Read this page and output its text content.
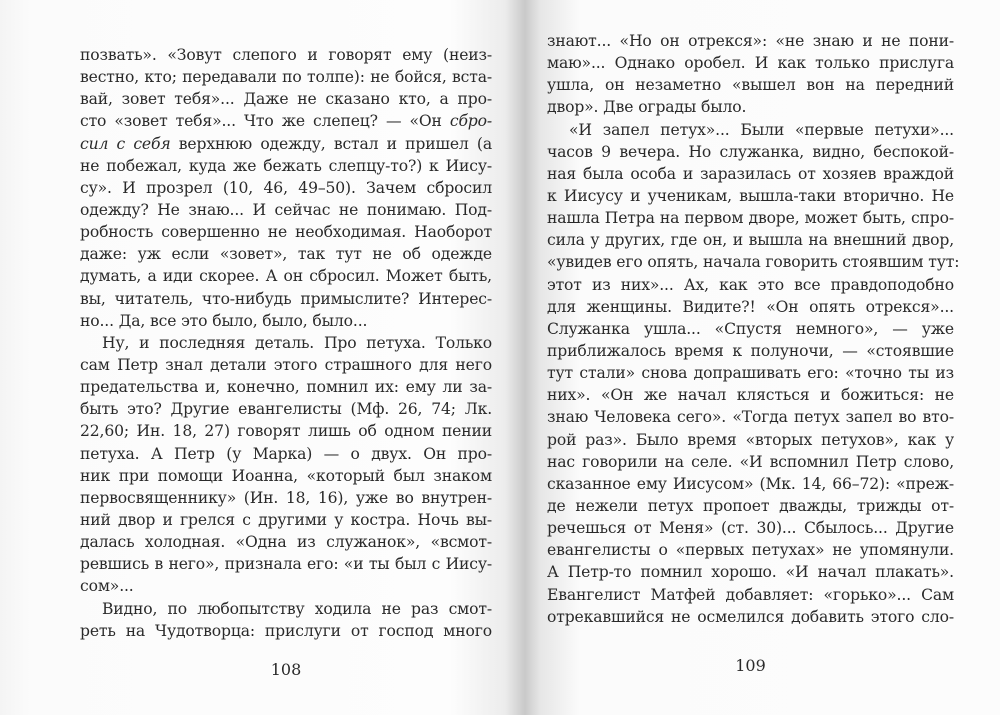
позвать». «Зовут слепого и говорят ему (неиз-
вестно, кто; передавали по толпе): не бойся, вста-
вай, зовет тебя»... Даже не сказано кто, а про-
сто «зовет тебя»... Что же слепец? — «Он сбро-
сил с себя верхнюю одежду, встал и пришел (а
не побежал, куда же бежать слепцу-то?) к Иису-
су». И прозрел (10, 46, 49–50). Зачем сбросил
одежду? Не знаю... И сейчас не понимаю. Под-
робность совершенно не необходимая. Наоборот
даже: уж если «зовет», так тут не об одежде
думать, а иди скорее. А он сбросил. Может быть,
вы, читатель, что-нибудь примыслите? Интерес-
но... Да, все это было, было, было...
Ну, и последняя деталь. Про петуха. Только
сам Петр знал детали этого страшного для него
предательства и, конечно, помнил их: ему ли за-
быть это? Другие евангелисты (Мф. 26, 74; Лк.
22,60; Ин. 18, 27) говорят лишь об одном пении
петуха. А Петр (у Марка) — о двух. Он про-
ник при помощи Иоанна, «который был знаком
первосвященнику» (Ин. 18, 16), уже во внутрен-
ний двор и грелся с другими у костра. Ночь вы-
далась холодная. «Одна из служанок», «всмот-
ревшись в него», признала его: «и ты был с Иису-
сом»...
Видно, по любопытству ходила не раз смот-
реть на Чудотворца: прислуги от господ много
108
знают... «Но он отрекся»: «не знаю и не пони-
маю»... Однако оробел. И как только прислуга
ушла, он незаметно «вышел вон на передний
двор». Две ограды было.
«И запел петух»... Были «первые петухи»...
часов 9 вечера. Но служанка, видно, беспокой-
ная была особа и заразилась от хозяев враждой
к Иисусу и ученикам, вышла-таки вторично. Не
нашла Петра на первом дворе, может быть, спро-
сила у других, где он, и вышла на внешний двор,
«увидев его опять, начала говорить стоявшим тут:
этот из них»... Ах, как это все правдоподобно
для женщины. Видите?! «Он опять отрекся»...
Служанка ушла... «Спустя немного», — уже
приближалось время к полуночи, — «стоявшие
тут стали» снова допрашивать его: «точно ты из
них». «Он же начал клясться и божиться: не
знаю Человека сего». «Тогда петух запел во вто-
рой раз». Было время «вторых петухов», как у
нас говорили на селе. «И вспомнил Петр слово,
сказанное ему Иисусом» (Мк. 14, 66–72): «преж-
де нежели петух пропоет дважды, трижды от-
речешься от Меня» (ст. 30)... Сбылось... Другие
евангелисты о «первых петухах» не упомянули.
А Петр-то помнил хорошо. «И начал плакать».
Евангелист Матфей добавляет: «горько»... Сам
отрекавшийся не осмелился добавить этого сло-
109
